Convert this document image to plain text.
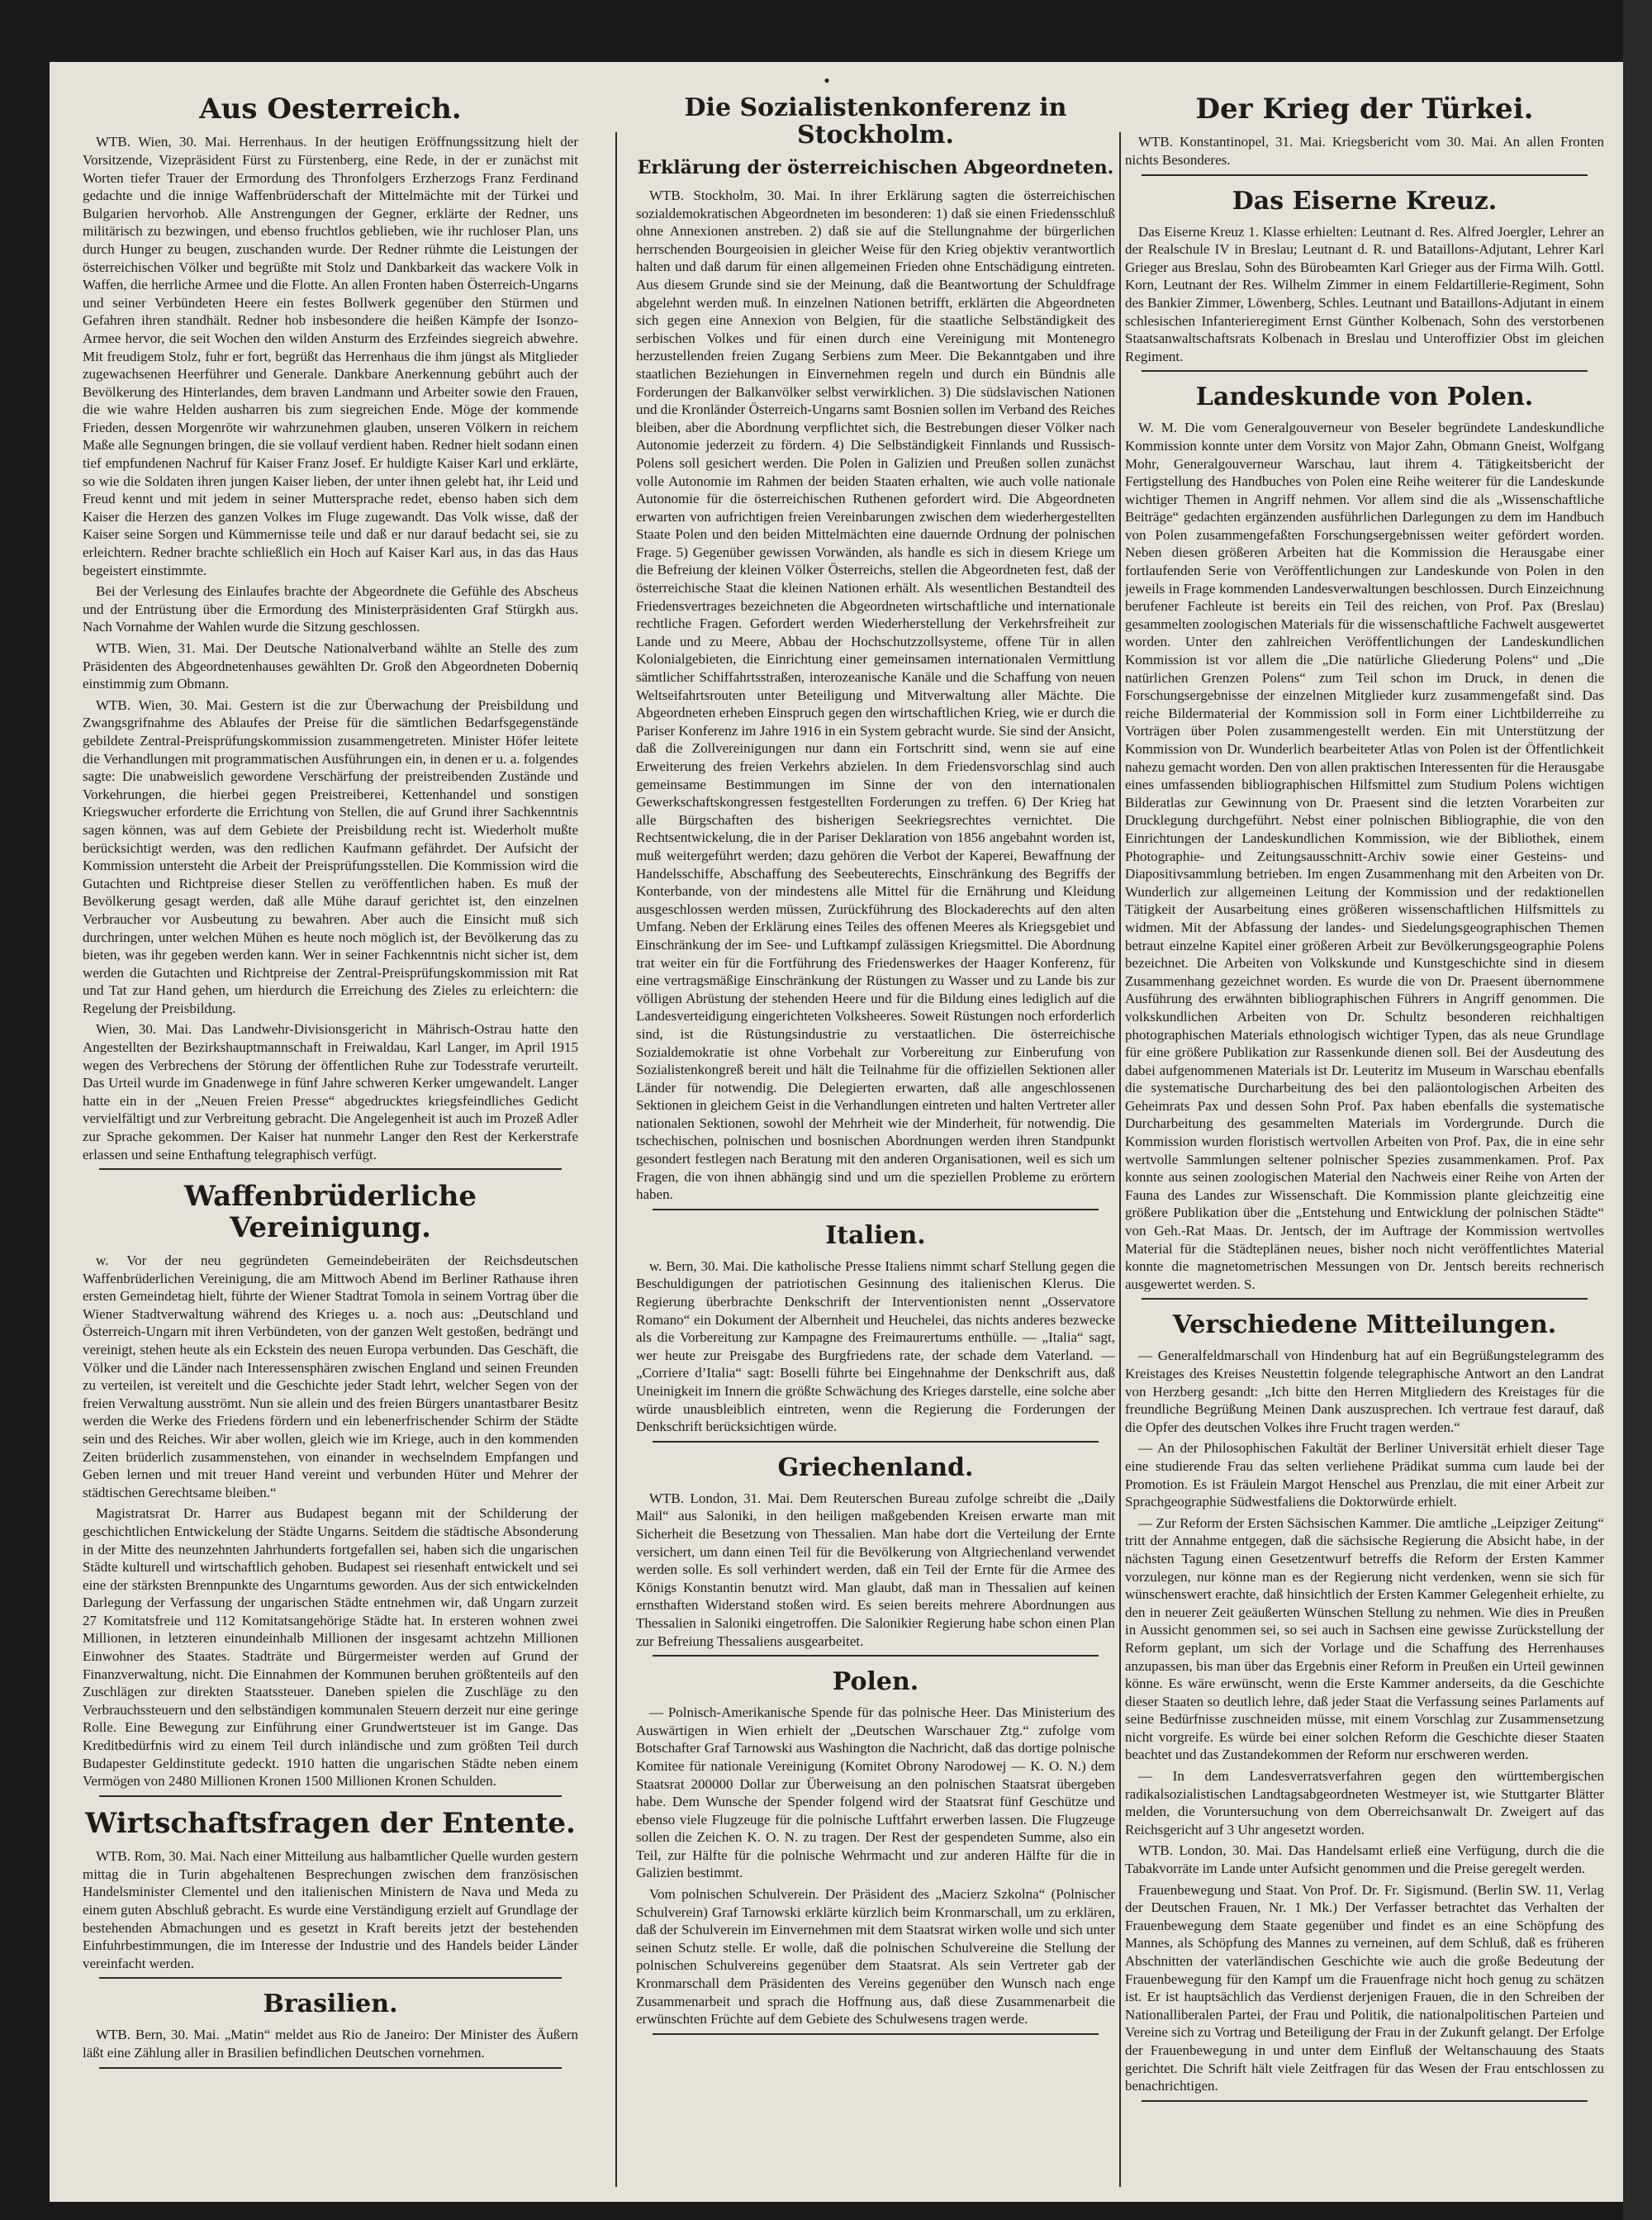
•
Aus Oesterreich.

WTB. Wien, 30. Mai. Herrenhaus. In der heutigen Eröffnungssitzung hielt der Vorsitzende, Vizepräsident Fürst zu Fürstenberg, eine Rede, in der er zunächst mit Worten tiefer Trauer der Ermordung des Thronfolgers Erzherzogs Franz Ferdinand gedachte und die innige Waffenbrüderschaft der Mittelmächte mit der Türkei und Bulgarien hervorhob. Alle Anstrengungen der Gegner, erklärte der Redner, uns militärisch zu bezwingen, und ebenso fruchtlos geblieben, wie ihr ruchloser Plan, uns durch Hunger zu beugen, zuschanden wurde. Der Redner rühmte die Leistungen der österreichischen Völker und begrüßte mit Stolz und Dankbarkeit das wackere Volk in Waffen, die herrliche Armee und die Flotte. An allen Fronten haben Österreich-Ungarns und seiner Verbündeten Heere ein festes Bollwerk gegenüber den Stürmen und Gefahren ihren standhält. Redner hob insbesondere die heißen Kämpfe der Isonzo-Armee hervor, die seit Wochen den wilden Ansturm des Erzfeindes siegreich abwehre. Mit freudigem Stolz, fuhr er fort, begrüßt das Herrenhaus die ihm jüngst als Mitglieder zugewachsenen Heerführer und Generale. Dankbare Anerkennung gebührt auch der Bevölkerung des Hinterlandes, dem braven Landmann und Arbeiter sowie den Frauen, die wie wahre Helden ausharren bis zum siegreichen Ende. Möge der kommende Frieden, dessen Morgenröte wir wahrzunehmen glauben, unseren Völkern in reichem Maße alle Segnungen bringen, die sie vollauf verdient haben. Redner hielt sodann einen tief empfundenen Nachruf für Kaiser Franz Josef. Er huldigte Kaiser Karl und erklärte, so wie die Soldaten ihren jungen Kaiser lieben, der unter ihnen gelebt hat, ihr Leid und Freud kennt und mit jedem in seiner Muttersprache redet, ebenso haben sich dem Kaiser die Herzen des ganzen Volkes im Fluge zugewandt. Das Volk wisse, daß der Kaiser seine Sorgen und Kümmernisse teile und daß er nur darauf bedacht sei, sie zu erleichtern. Redner brachte schließlich ein Hoch auf Kaiser Karl aus, in das das Haus begeistert einstimmte.

Bei der Verlesung des Einlaufes brachte der Abgeordnete die Gefühle des Abscheus und der Entrüstung über die Ermordung des Ministerpräsidenten Graf Stürgkh aus. Nach Vornahme der Wahlen wurde die Sitzung geschlossen.

WTB. Wien, 31. Mai. Der Deutsche Nationalverband wählte an Stelle des zum Präsidenten des Abgeordnetenhauses gewählten Dr. Groß den Abgeordneten Doberniq einstimmig zum Obmann.

WTB. Wien, 30. Mai. Gestern ist die zur Überwachung der Preisbildung und Zwangsgrifnahme des Ablaufes der Preise für die sämtlichen Bedarfsgegenstände gebildete Zentral-Preisprüfungskommission zusammengetreten. Minister Höfer leitete die Verhandlungen mit programmatischen Ausführungen ein, in denen er u. a. folgendes sagte: Die unabweislich gewordene Verschärfung der preistreibenden Zustände und Vorkehrungen, die hierbei gegen Preistreiberei, Kettenhandel und sonstigen Kriegswucher erforderte die Errichtung von Stellen, die auf Grund ihrer Sachkenntnis sagen können, was auf dem Gebiete der Preisbildung recht ist. Wiederholt mußte berücksichtigt werden, was den redlichen Kaufmann gefährdet. Der Aufsicht der Kommission untersteht die Arbeit der Preisprüfungsstellen. Die Kommission wird die Gutachten und Richtpreise dieser Stellen zu veröffentlichen haben. Es muß der Bevölkerung gesagt werden, daß alle Mühe darauf gerichtet ist, den einzelnen Verbraucher vor Ausbeutung zu bewahren. Aber auch die Einsicht muß sich durchringen, unter welchen Mühen es heute noch möglich ist, der Bevölkerung das zu bieten, was ihr gegeben werden kann. Wer in seiner Fachkenntnis nicht sicher ist, dem werden die Gutachten und Richtpreise der Zentral-Preisprüfungskommission mit Rat und Tat zur Hand gehen, um hierdurch die Erreichung des Zieles zu erleichtern: die Regelung der Preisbildung.

Wien, 30. Mai. Das Landwehr-Divisionsgericht in Mährisch-Ostrau hatte den Angestellten der Bezirkshauptmannschaft in Freiwaldau, Karl Langer, im April 1915 wegen des Verbrechens der Störung der öffentlichen Ruhe zur Todesstrafe verurteilt. Das Urteil wurde im Gnadenwege in fünf Jahre schweren Kerker umgewandelt. Langer hatte ein in der „Neuen Freien Presse“ abgedrucktes kriegsfeindliches Gedicht vervielfältigt und zur Verbreitung gebracht. Die Angelegenheit ist auch im Prozeß Adler zur Sprache gekommen. Der Kaiser hat nunmehr Langer den Rest der Kerkerstrafe erlassen und seine Enthaftung telegraphisch verfügt.

Waffenbrüderliche Vereinigung.

w. Vor der neu gegründeten Gemeindebeiräten der Reichsdeutschen Waffenbrüderlichen Vereinigung, die am Mittwoch Abend im Berliner Rathause ihren ersten Gemeindetag hielt, führte der Wiener Stadtrat Tomola in seinem Vortrag über die Wiener Stadtverwaltung während des Krieges u. a. noch aus: „Deutschland und Österreich-Ungarn mit ihren Verbündeten, von der ganzen Welt gestoßen, bedrängt und vereinigt, stehen heute als ein Eckstein des neuen Europa verbunden. Das Geschäft, die Völker und die Länder nach Interessensphären zwischen England und seinen Freunden zu verteilen, ist vereitelt und die Geschichte jeder Stadt lehrt, welcher Segen von der freien Verwaltung ausströmt. Nun sie allein und des freien Bürgers unantastbarer Besitz werden die Werke des Friedens fördern und ein lebenerfrischender Schirm der Städte sein und des Reiches. Wir aber wollen, gleich wie im Kriege, auch in den kommenden Zeiten brüderlich zusammenstehen, von einander in wechselndem Empfangen und Geben lernen und mit treuer Hand vereint und verbunden Hüter und Mehrer der städtischen Gerechtsame bleiben.“

Magistratsrat Dr. Harrer aus Budapest begann mit der Schilderung der geschichtlichen Entwickelung der Städte Ungarns. Seitdem die städtische Absonderung in der Mitte des neunzehnten Jahrhunderts fortgefallen sei, haben sich die ungarischen Städte kulturell und wirtschaftlich gehoben. Budapest sei riesenhaft entwickelt und sei eine der stärksten Brennpunkte des Ungarntums geworden. Aus der sich entwickelnden Darlegung der Verfassung der ungarischen Städte entnehmen wir, daß Ungarn zurzeit 27 Komitatsfreie und 112 Komitatsangehörige Städte hat. In ersteren wohnen zwei Millionen, in letzteren einundeinhalb Millionen der insgesamt achtzehn Millionen Einwohner des Staates. Stadträte und Bürgermeister werden auf Grund der Finanzverwaltung, nicht. Die Einnahmen der Kommunen beruhen größtenteils auf den Zuschlägen zur direkten Staatssteuer. Daneben spielen die Zuschläge zu den Verbrauchssteuern und den selbständigen kommunalen Steuern derzeit nur eine geringe Rolle. Eine Bewegung zur Einführung einer Grundwertsteuer ist im Gange. Das Kreditbedürfnis wird zu einem Teil durch inländische und zum größten Teil durch Budapester Geldinstitute gedeckt. 1910 hatten die ungarischen Städte neben einem Vermögen von 2480 Millionen Kronen 1500 Millionen Kronen Schulden.

Wirtschaftsfragen der Entente.

WTB. Rom, 30. Mai. Nach einer Mitteilung aus halbamtlicher Quelle wurden gestern mittag die in Turin abgehaltenen Besprechungen zwischen dem französischen Handelsminister Clementel und den italienischen Ministern de Nava und Meda zu einem guten Abschluß gebracht. Es wurde eine Verständigung erzielt auf Grundlage der bestehenden Abmachungen und es gesetzt in Kraft bereits jetzt der bestehenden Einfuhrbestimmungen, die im Interesse der Industrie und des Handels beider Länder vereinfacht werden.

Brasilien.

WTB. Bern, 30. Mai. „Matin“ meldet aus Rio de Janeiro: Der Minister des Äußern läßt eine Zählung aller in Brasilien befindlichen Deutschen vornehmen.

Die Sozialistenkonferenz in Stockholm.
Erklärung der österreichischen Abgeordneten.

WTB. Stockholm, 30. Mai. In ihrer Erklärung sagten die österreichischen sozialdemokratischen Abgeordneten im besonderen: 1) daß sie einen Friedensschluß ohne Annexionen anstreben. 2) daß sie auf die Stellungnahme der bürgerlichen herrschenden Bourgeoisien in gleicher Weise für den Krieg objektiv verantwortlich halten und daß darum für einen allgemeinen Frieden ohne Entschädigung eintreten. Aus diesem Grunde sind sie der Meinung, daß die Beantwortung der Schuldfrage abgelehnt werden muß. In einzelnen Nationen betrifft, erklärten die Abgeordneten sich gegen eine Annexion von Belgien, für die staatliche Selbständigkeit des serbischen Volkes und für einen durch eine Vereinigung mit Montenegro herzustellenden freien Zugang Serbiens zum Meer. Die Bekanntgaben und ihre staatlichen Beziehungen in Einvernehmen regeln und durch ein Bündnis alle Forderungen der Balkanvölker selbst verwirklichen. 3) Die südslavischen Nationen und die Kronländer Österreich-Ungarns samt Bosnien sollen im Verband des Reiches bleiben, aber die Abordnung verpflichtet sich, die Bestrebungen dieser Völker nach Autonomie jederzeit zu fördern. 4) Die Selbständigkeit Finnlands und Russisch-Polens soll gesichert werden. Die Polen in Galizien und Preußen sollen zunächst volle Autonomie im Rahmen der beiden Staaten erhalten, wie auch volle nationale Autonomie für die österreichischen Ruthenen gefordert wird. Die Abgeordneten erwarten von aufrichtigen freien Vereinbarungen zwischen dem wiederhergestellten Staate Polen und den beiden Mittelmächten eine dauernde Ordnung der polnischen Frage. 5) Gegenüber gewissen Vorwänden, als handle es sich in diesem Kriege um die Befreiung der kleinen Völker Österreichs, stellen die Abgeordneten fest, daß der österreichische Staat die kleinen Nationen erhält. Als wesentlichen Bestandteil des Friedensvertrages bezeichneten die Abgeordneten wirtschaftliche und internationale rechtliche Fragen. Gefordert werden Wiederherstellung der Verkehrsfreiheit zur Lande und zu Meere, Abbau der Hochschutzzollsysteme, offene Tür in allen Kolonialgebieten, die Einrichtung einer gemeinsamen internationalen Vermittlung sämtlicher Schiffahrtsstraßen, interozeanische Kanäle und die Schaffung von neuen Weltseifahrtsrouten unter Beteiligung und Mitverwaltung aller Mächte. Die Abgeordneten erheben Einspruch gegen den wirtschaftlichen Krieg, wie er durch die Pariser Konferenz im Jahre 1916 in ein System gebracht wurde. Sie sind der Ansicht, daß die Zollvereinigungen nur dann ein Fortschritt sind, wenn sie auf eine Erweiterung des freien Verkehrs abzielen. In dem Friedensvorschlag sind auch gemeinsame Bestimmungen im Sinne der von den internationalen Gewerkschaftskongressen festgestellten Forderungen zu treffen. 6) Der Krieg hat alle Bürgschaften des bisherigen Seekriegsrechtes vernichtet. Die Rechtsentwickelung, die in der Pariser Deklaration von 1856 angebahnt worden ist, muß weitergeführt werden; dazu gehören die Verbot der Kaperei, Bewaffnung der Handelsschiffe, Abschaffung des Seebeuterechts, Einschränkung des Begriffs der Konterbande, von der mindestens alle Mittel für die Ernährung und Kleidung ausgeschlossen werden müssen, Zurückführung des Blockaderechts auf den alten Umfang. Neben der Erklärung eines Teiles des offenen Meeres als Kriegsgebiet und Einschränkung der im See- und Luftkampf zulässigen Kriegsmittel. Die Abordnung trat weiter ein für die Fortführung des Friedenswerkes der Haager Konferenz, für eine vertragsmäßige Einschränkung der Rüstungen zu Wasser und zu Lande bis zur völligen Abrüstung der stehenden Heere und für die Bildung eines lediglich auf die Landesverteidigung eingerichteten Volksheeres. Soweit Rüstungen noch erforderlich sind, ist die Rüstungsindustrie zu verstaatlichen. Die österreichische Sozialdemokratie ist ohne Vorbehalt zur Vorbereitung zur Einberufung von Sozialistenkongreß bereit und hält die Teilnahme für die offiziellen Sektionen aller Länder für notwendig. Die Delegierten erwarten, daß alle angeschlossenen Sektionen in gleichem Geist in die Verhandlungen eintreten und halten Vertreter aller nationalen Sektionen, sowohl der Mehrheit wie der Minderheit, für notwendig. Die tschechischen, polnischen und bosnischen Abordnungen werden ihren Standpunkt gesondert festlegen nach Beratung mit den anderen Organisationen, weil es sich um Fragen, die von ihnen abhängig sind und um die speziellen Probleme zu erörtern haben.

Italien.

w. Bern, 30. Mai. Die katholische Presse Italiens nimmt scharf Stellung gegen die Beschuldigungen der patriotischen Gesinnung des italienischen Klerus. Die Regierung überbrachte Denkschrift der Interventionisten nennt „Osservatore Romano“ ein Dokument der Albernheit und Heuchelei, das nichts anderes bezwecke als die Vorbereitung zur Kampagne des Freimaurertums enthülle. — „Italia“ sagt, wer heute zur Preisgabe des Burgfriedens rate, der schade dem Vaterland. — „Corriere d’Italia“ sagt: Boselli führte bei Eingehnahme der Denkschrift aus, daß Uneinigkeit im Innern die größte Schwächung des Krieges darstelle, eine solche aber würde unausbleiblich eintreten, wenn die Regierung die Forderungen der Denkschrift berücksichtigen würde.

Griechenland.

WTB. London, 31. Mai. Dem Reuterschen Bureau zufolge schreibt die „Daily Mail“ aus Saloniki, in den heiligen maßgebenden Kreisen erwarte man mit Sicherheit die Besetzung von Thessalien. Man habe dort die Verteilung der Ernte versichert, um dann einen Teil für die Bevölkerung von Altgriechenland verwendet werden solle. Es soll verhindert werden, daß ein Teil der Ernte für die Armee des Königs Konstantin benutzt wird. Man glaubt, daß man in Thessalien auf keinen ernsthaften Widerstand stoßen wird. Es seien bereits mehrere Abordnungen aus Thessalien in Saloniki eingetroffen. Die Salonikier Regierung habe schon einen Plan zur Befreiung Thessaliens ausgearbeitet.

Polen.

— Polnisch-Amerikanische Spende für das polnische Heer. Das Ministerium des Auswärtigen in Wien erhielt der „Deutschen Warschauer Ztg.“ zufolge vom Botschafter Graf Tarnowski aus Washington die Nachricht, daß das dortige polnische Komitee für nationale Vereinigung (Komitet Obrony Narodowej — K. O. N.) dem Staatsrat 200000 Dollar zur Überweisung an den polnischen Staatsrat übergeben habe. Dem Wunsche der Spender folgend wird der Staatsrat fünf Geschütze und ebenso viele Flugzeuge für die polnische Luftfahrt erwerben lassen. Die Flugzeuge sollen die Zeichen K. O. N. zu tragen. Der Rest der gespendeten Summe, also ein Teil, zur Hälfte für die polnische Wehrmacht und zur anderen Hälfte für die in Galizien bestimmt.

Vom polnischen Schulverein. Der Präsident des „Macierz Szkolna“ (Polnischer Schulverein) Graf Tarnowski erklärte kürzlich beim Kronmarschall, um zu erklären, daß der Schulverein im Einvernehmen mit dem Staatsrat wirken wolle und sich unter seinen Schutz stelle. Er wolle, daß die polnischen Schulvereine die Stellung der polnischen Schulvereins gegenüber dem Staatsrat. Als sein Vertreter gab der Kronmarschall dem Präsidenten des Vereins gegenüber den Wunsch nach enge Zusammenarbeit und sprach die Hoffnung aus, daß diese Zusammenarbeit die erwünschten Früchte auf dem Gebiete des Schulwesens tragen werde.

Der Krieg der Türkei.

WTB. Konstantinopel, 31. Mai. Kriegsbericht vom 30. Mai. An allen Fronten nichts Besonderes.

Das Eiserne Kreuz.

Das Eiserne Kreuz 1. Klasse erhielten: Leutnant d. Res. Alfred Joergler, Lehrer an der Realschule IV in Breslau; Leutnant d. R. und Bataillons-Adjutant, Lehrer Karl Grieger aus Breslau, Sohn des Bürobeamten Karl Grieger aus der Firma Wilh. Gottl. Korn, Leutnant der Res. Wilhelm Zimmer in einem Feldartillerie-Regiment, Sohn des Bankier Zimmer, Löwenberg, Schles. Leutnant und Bataillons-Adjutant in einem schlesischen Infanterieregiment Ernst Günther Kolbenach, Sohn des verstorbenen Staatsanwaltschaftsrats Kolbenach in Breslau und Unteroffizier Obst im gleichen Regiment.

Landeskunde von Polen.

W. M. Die vom Generalgouverneur von Beseler begründete Landeskundliche Kommission konnte unter dem Vorsitz von Major Zahn, Obmann Gneist, Wolfgang Mohr, Generalgouverneur Warschau, laut ihrem 4. Tätigkeitsbericht der Fertigstellung des Handbuches von Polen eine Reihe weiterer für die Landeskunde wichtiger Themen in Angriff nehmen. Vor allem sind die als „Wissenschaftliche Beiträge“ gedachten ergänzenden ausführlichen Darlegungen zu dem im Handbuch von Polen zusammengefaßten Forschungsergebnissen weiter gefördert worden. Neben diesen größeren Arbeiten hat die Kommission die Herausgabe einer fortlaufenden Serie von Veröffentlichungen zur Landeskunde von Polen in den jeweils in Frage kommenden Landesverwaltungen beschlossen. Durch Einzeichnung berufener Fachleute ist bereits ein Teil des reichen, von Prof. Pax (Breslau) gesammelten zoologischen Materials für die wissenschaftliche Fachwelt ausgewertet worden. Unter den zahlreichen Veröffentlichungen der Landeskundlichen Kommission ist vor allem die „Die natürliche Gliederung Polens“ und „Die natürlichen Grenzen Polens“ zum Teil schon im Druck, in denen die Forschungsergebnisse der einzelnen Mitglieder kurz zusammengefaßt sind. Das reiche Bildermaterial der Kommission soll in Form einer Lichtbilderreihe zu Vorträgen über Polen zusammengestellt werden. Ein mit Unterstützung der Kommission von Dr. Wunderlich bearbeiteter Atlas von Polen ist der Öffentlichkeit nahezu gemacht worden. Den von allen praktischen Interessenten für die Herausgabe eines umfassenden bibliographischen Hilfsmittel zum Studium Polens wichtigen Bilderatlas zur Gewinnung von Dr. Praesent sind die letzten Vorarbeiten zur Drucklegung durchgeführt. Nebst einer polnischen Bibliographie, die von den Einrichtungen der Landeskundlichen Kommission, wie der Bibliothek, einem Photographie- und Zeitungsausschnitt-Archiv sowie einer Gesteins- und Diapositivsammlung betrieben. Im engen Zusammenhang mit den Arbeiten von Dr. Wunderlich zur allgemeinen Leitung der Kommission und der redaktionellen Tätigkeit der Ausarbeitung eines größeren wissenschaftlichen Hilfsmittels zu widmen. Mit der Abfassung der landes- und Siedelungsgeographischen Themen betraut einzelne Kapitel einer größeren Arbeit zur Bevölkerungsgeographie Polens bezeichnet. Die Arbeiten von Volkskunde und Kunstgeschichte sind in diesem Zusammenhang gezeichnet worden. Es wurde die von Dr. Praesent übernommene Ausführung des erwähnten bibliographischen Führers in Angriff genommen. Die volkskundlichen Arbeiten von Dr. Schultz besonderen reichhaltigen photographischen Materials ethnologisch wichtiger Typen, das als neue Grundlage für eine größere Publikation zur Rassenkunde dienen soll. Bei der Ausdeutung des dabei aufgenommenen Materials ist Dr. Leuteritz im Museum in Warschau ebenfalls die systematische Durcharbeitung des bei den paläontologischen Arbeiten des Geheimrats Pax und dessen Sohn Prof. Pax haben ebenfalls die systematische Durcharbeitung des gesammelten Materials im Vordergrunde. Durch die Kommission wurden floristisch wertvollen Arbeiten von Prof. Pax, die in eine sehr wertvolle Sammlungen seltener polnischer Spezies zusammenkamen. Prof. Pax konnte aus seinen zoologischen Material den Nachweis einer Reihe von Arten der Fauna des Landes zur Wissenschaft. Die Kommission plante gleichzeitig eine größere Publikation über die „Entstehung und Entwicklung der polnischen Städte“ von Geh.-Rat Maas. Dr. Jentsch, der im Auftrage der Kommission wertvolles Material für die Städteplänen neues, bisher noch nicht veröffentlichtes Material konnte die magnetometrischen Messungen von Dr. Jentsch bereits rechnerisch ausgewertet werden. S.

Verschiedene Mitteilungen.

— Generalfeldmarschall von Hindenburg hat auf ein Begrüßungstelegramm des Kreistages des Kreises Neustettin folgende telegraphische Antwort an den Landrat von Herzberg gesandt: „Ich bitte den Herren Mitgliedern des Kreistages für die freundliche Begrüßung Meinen Dank auszusprechen. Ich vertraue fest darauf, daß die Opfer des deutschen Volkes ihre Frucht tragen werden.“

— An der Philosophischen Fakultät der Berliner Universität erhielt dieser Tage eine studierende Frau das selten verliehene Prädikat summa cum laude bei der Promotion. Es ist Fräulein Margot Henschel aus Prenzlau, die mit einer Arbeit zur Sprachgeographie Südwestfaliens die Doktorwürde erhielt.

— Zur Reform der Ersten Sächsischen Kammer. Die amtliche „Leipziger Zeitung“ tritt der Annahme entgegen, daß die sächsische Regierung die Absicht habe, in der nächsten Tagung einen Gesetzentwurf betreffs die Reform der Ersten Kammer vorzulegen, nur könne man es der Regierung nicht verdenken, wenn sie sich für wünschenswert erachte, daß hinsichtlich der Ersten Kammer Gelegenheit erhielte, zu den in neuerer Zeit geäußerten Wünschen Stellung zu nehmen. Wie dies in Preußen in Aussicht genommen sei, so sei auch in Sachsen eine gewisse Zurückstellung der Reform geplant, um sich der Vorlage und die Schaffung des Herrenhauses anzupassen, bis man über das Ergebnis einer Reform in Preußen ein Urteil gewinnen könne. Es wäre erwünscht, wenn die Erste Kammer anderseits, da die Geschichte dieser Staaten so deutlich lehre, daß jeder Staat die Verfassung seines Parlaments auf seine Bedürfnisse zuschneiden müsse, mit einem Vorschlag zur Zusammensetzung nicht vorgreife. Es würde bei einer solchen Reform die Geschichte dieser Staaten beachtet und das Zustandekommen der Reform nur erschweren werden.

— In dem Landesverratsverfahren gegen den württembergischen radikalsozialistischen Landtagsabgeordneten Westmeyer ist, wie Stuttgarter Blätter melden, die Voruntersuchung von dem Oberreichsanwalt Dr. Zweigert auf das Reichsgericht auf 3 Uhr angesetzt worden.

WTB. London, 30. Mai. Das Handelsamt erließ eine Verfügung, durch die die Tabakvorräte im Lande unter Aufsicht genommen und die Preise geregelt werden.

Frauenbewegung und Staat. Von Prof. Dr. Fr. Sigismund. (Berlin SW. 11, Verlag der Deutschen Frauen, Nr. 1 Mk.) Der Verfasser betrachtet das Verhalten der Frauenbewegung dem Staate gegenüber und findet es an eine Schöpfung des Mannes, als Schöpfung des Mannes zu verneinen, auf dem Schluß, daß es früheren Abschnitten der vaterländischen Geschichte wie auch die große Bedeutung der Frauenbewegung für den Kampf um die Frauenfrage nicht hoch genug zu schätzen ist. Er ist hauptsächlich das Verdienst derjenigen Frauen, die in den Schreiben der Nationalliberalen Partei, der Frau und Politik, die nationalpolitischen Parteien und Vereine sich zu Vortrag und Beteiligung der Frau in der Zukunft gelangt. Der Erfolge der Frauenbewegung in und unter dem Einfluß der Weltanschauung des Staats gerichtet. Die Schrift hält viele Zeitfragen für das Wesen der Frau entschlossen zu benachrichtigen.
